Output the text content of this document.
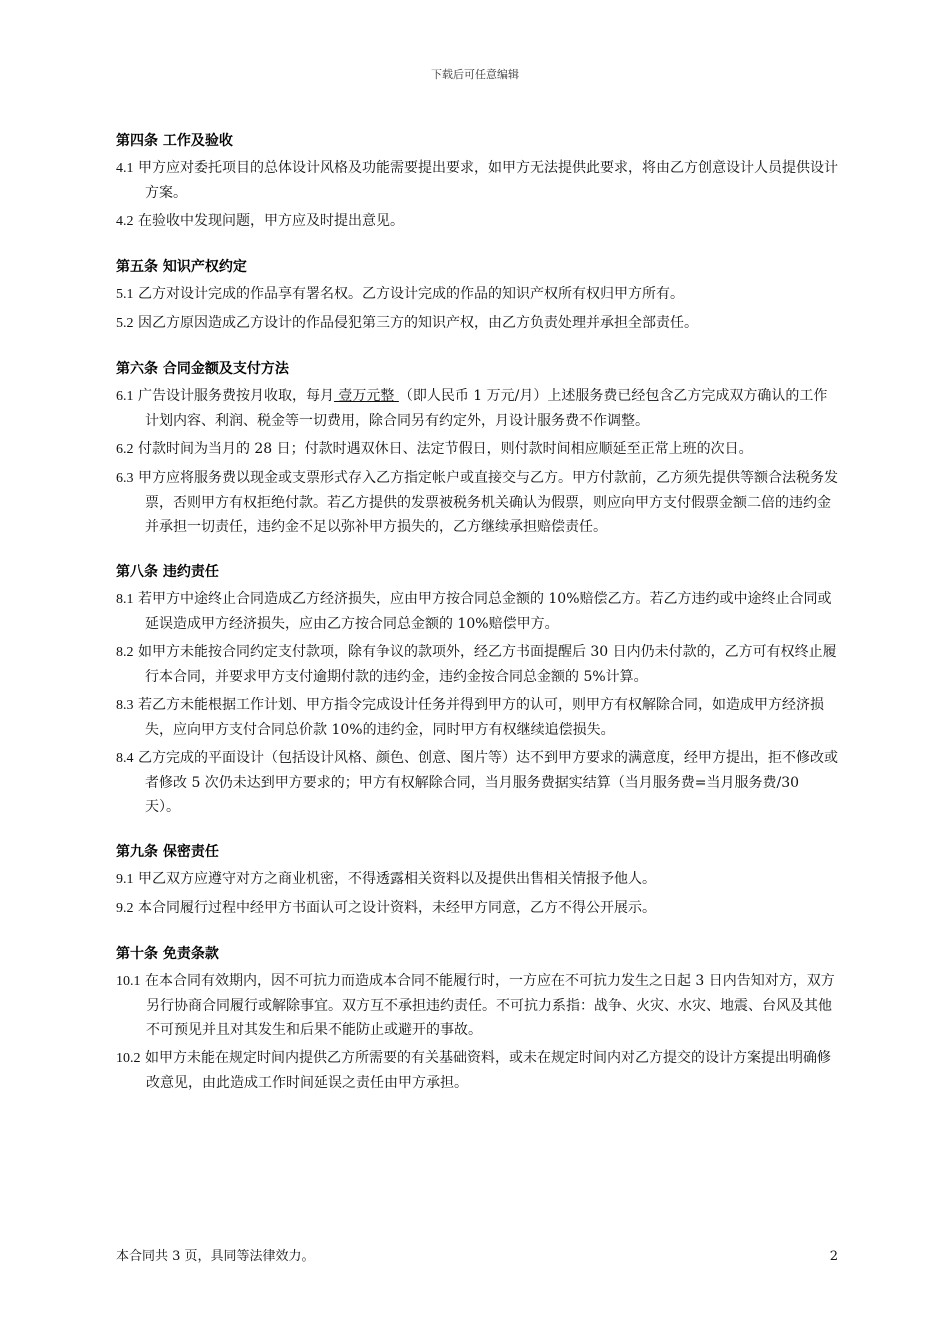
下载后可任意编辑
第四条 工作及验收

4.1 甲方应对委托项目的总体设计风格及功能需要提出要求，如甲方无法提供此要求，将由乙方创意设计人员提供设计方案。

4.2 在验收中发现问题，甲方应及时提出意见。

第五条 知识产权约定

5.1 乙方对设计完成的作品享有署名权。乙方设计完成的作品的知识产权所有权归甲方所有。

5.2 因乙方原因造成乙方设计的作品侵犯第三方的知识产权，由乙方负责处理并承担全部责任。

第六条 合同金额及支付方法

6.1 广告设计服务费按月收取，每月 壹万元整 （即人民币 1 万元/月）上述服务费已经包含乙方完成双方确认的工作计划内容、利润、税金等一切费用，除合同另有约定外，月设计服务费不作调整。

6.2 付款时间为当月的 28 日；付款时遇双休日、法定节假日，则付款时间相应顺延至正常上班的次日。

6.3 甲方应将服务费以现金或支票形式存入乙方指定帐户或直接交与乙方。甲方付款前，乙方须先提供等额合法税务发票，否则甲方有权拒绝付款。若乙方提供的发票被税务机关确认为假票，则应向甲方支付假票金额二倍的违约金并承担一切责任，违约金不足以弥补甲方损失的，乙方继续承担赔偿责任。

第八条 违约责任

8.1 若甲方中途终止合同造成乙方经济损失，应由甲方按合同总金额的 10%赔偿乙方。若乙方违约或中途终止合同或延误造成甲方经济损失，应由乙方按合同总金额的 10%赔偿甲方。

8.2 如甲方未能按合同约定支付款项，除有争议的款项外，经乙方书面提醒后 30 日内仍未付款的，乙方可有权终止履行本合同，并要求甲方支付逾期付款的违约金，违约金按合同总金额的 5%计算。

8.3 若乙方未能根据工作计划、甲方指令完成设计任务并得到甲方的认可，则甲方有权解除合同，如造成甲方经济损失，应向甲方支付合同总价款 10%的违约金，同时甲方有权继续追偿损失。

8.4 乙方完成的平面设计（包括设计风格、颜色、创意、图片等）达不到甲方要求的满意度，经甲方提出，拒不修改或者修改 5 次仍未达到甲方要求的；甲方有权解除合同，当月服务费据实结算（当月服务费=当月服务费/30 天）。

第九条 保密责任

9.1 甲乙双方应遵守对方之商业机密，不得透露相关资料以及提供出售相关情报予他人。

9.2 本合同履行过程中经甲方书面认可之设计资料，未经甲方同意，乙方不得公开展示。

第十条 免责条款

10.1 在本合同有效期内，因不可抗力而造成本合同不能履行时，一方应在不可抗力发生之日起 3 日内告知对方，双方另行协商合同履行或解除事宜。双方互不承担违约责任。不可抗力系指：战争、火灾、水灾、地震、台风及其他不可预见并且对其发生和后果不能防止或避开的事故。

10.2 如甲方未能在规定时间内提供乙方所需要的有关基础资料，或未在规定时间内对乙方提交的设计方案提出明确修改意见，由此造成工作时间延误之责任由甲方承担。

本合同共 3 页，具同等法律效力。	2
